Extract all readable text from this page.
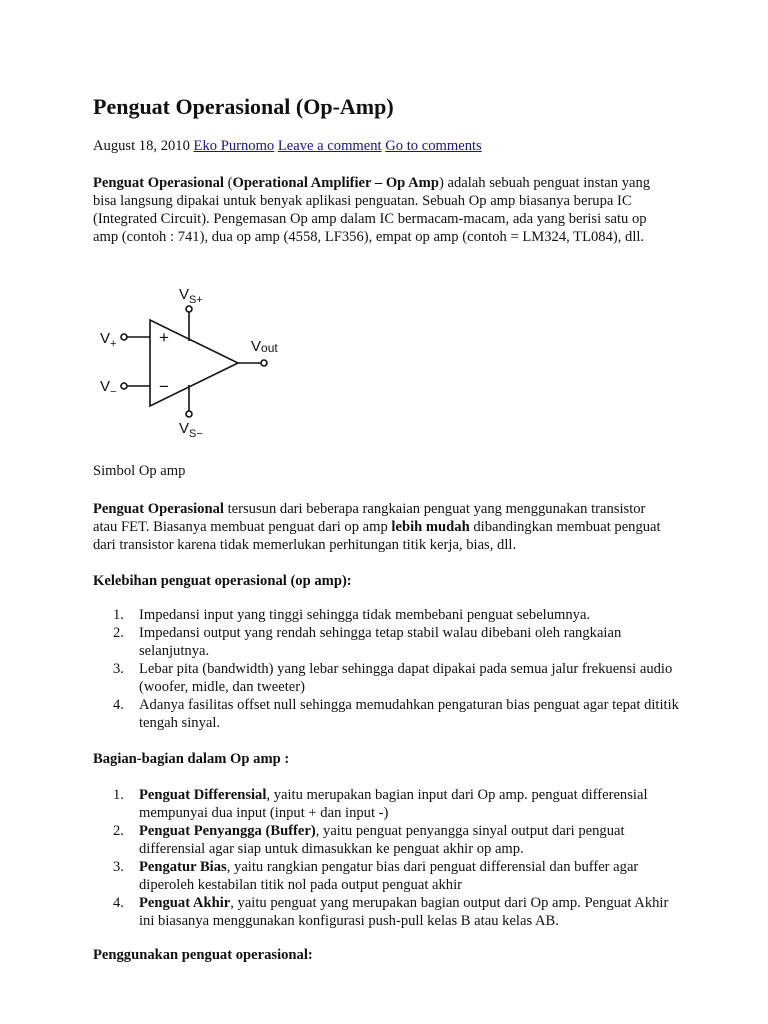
Penguat Operasional (Op-Amp)

August 18, 2010 Eko Purnomo Leave a comment Go to comments

Penguat Operasional (Operational Amplifier – Op Amp) adalah sebuah penguat instan yang bisa langsung dipakai untuk benyak aplikasi penguatan. Sebuah Op amp biasanya berupa IC (Integrated Circuit). Pengemasan Op amp dalam IC bermacam-macam, ada yang berisi satu op amp (contoh : 741), dua op amp (4558, LF356), empat op amp (contoh = LM324, TL084), dll.

+
−
$V_{S+}$
$V_{S-}$
$V_+$
$V_-$
Vout

Simbol Op amp

Penguat Operasional tersusun dari beberapa rangkaian penguat yang menggunakan transistor atau FET. Biasanya membuat penguat dari op amp lebih mudah dibandingkan membuat penguat dari transistor karena tidak memerlukan perhitungan titik kerja, bias, dll.

Kelebihan penguat operasional (op amp):

1. Impedansi input yang tinggi sehingga tidak membebani penguat sebelumnya.
2. Impedansi output yang rendah sehingga tetap stabil walau dibebani oleh rangkaian selanjutnya.
3. Lebar pita (bandwidth) yang lebar sehingga dapat dipakai pada semua jalur frekuensi audio (woofer, midle, dan tweeter)
4. Adanya fasilitas offset null sehingga memudahkan pengaturan bias penguat agar tepat dititik tengah sinyal.

Bagian-bagian dalam Op amp :

1. Penguat Differensial, yaitu merupakan bagian input dari Op amp. penguat differensial mempunyai dua input (input + dan input -)
2. Penguat Penyangga (Buffer), yaitu penguat penyangga sinyal output dari penguat differensial agar siap untuk dimasukkan ke penguat akhir op amp.
3. Pengatur Bias, yaitu rangkian pengatur bias dari penguat differensial dan buffer agar diperoleh kestabilan titik nol pada output penguat akhir
4. Penguat Akhir, yaitu penguat yang merupakan bagian output dari Op amp. Penguat Akhir ini biasanya menggunakan konfigurasi push-pull kelas B atau kelas AB.

Penggunakan penguat operasional:
